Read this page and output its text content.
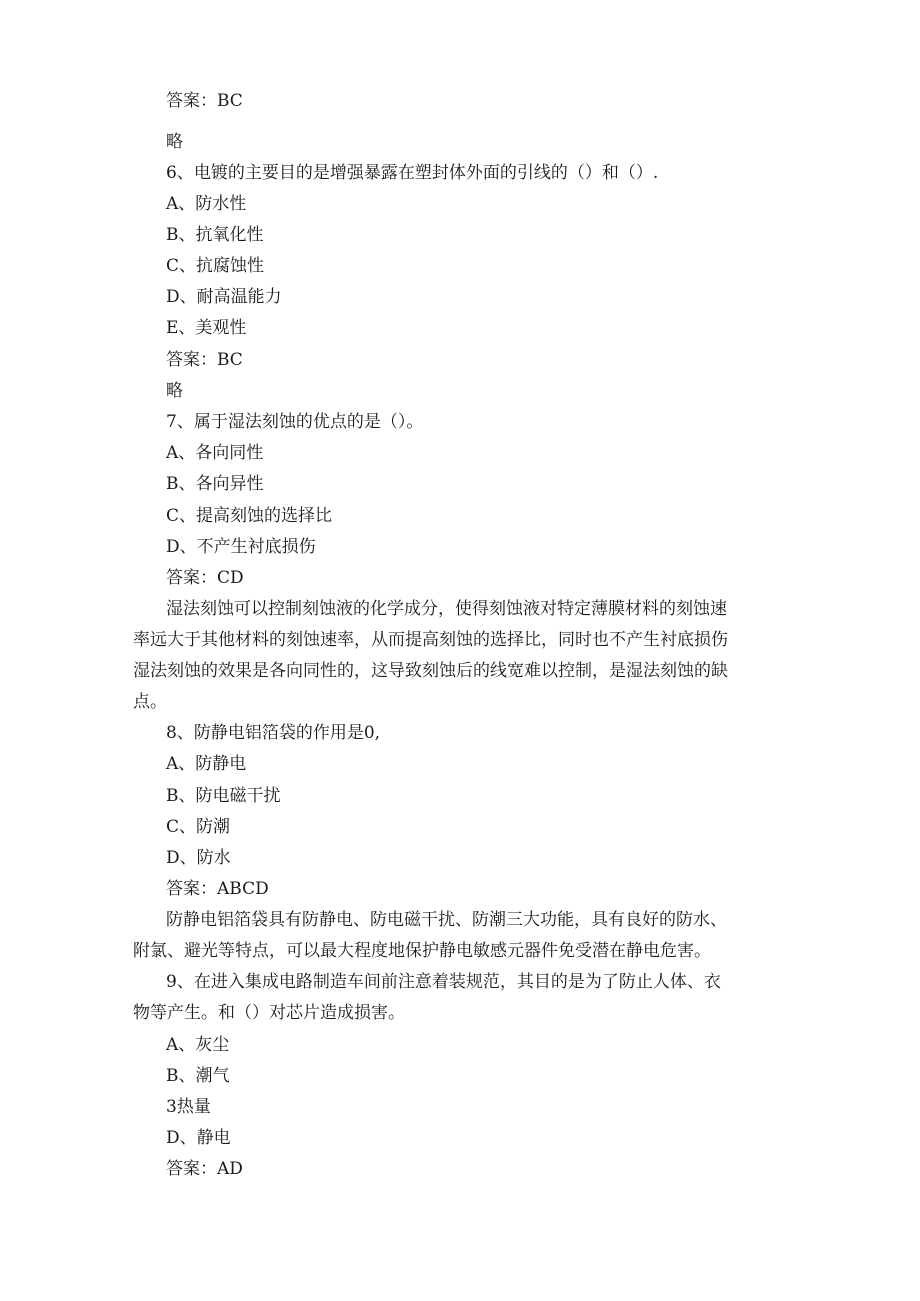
答案：BC
略
6、电镀的主要目的是增强暴露在塑封体外面的引线的（）和（）.
A、防水性
B、抗氧化性
C、抗腐蚀性
D、耐高温能力
E、美观性
答案：BC
略
7、属于湿法刻蚀的优点的是（）。
A、各向同性
B、各向异性
C、提高刻蚀的选择比
D、不产生衬底损伤
答案：CD
湿法刻蚀可以控制刻蚀液的化学成分，使得刻蚀液对特定薄膜材料的刻蚀速
率远大于其他材料的刻蚀速率，从而提高刻蚀的选择比，同时也不产生衬底损伤
湿法刻蚀的效果是各向同性的，这导致刻蚀后的线宽难以控制，是湿法刻蚀的缺
点。
8、防静电铝箔袋的作用是0,
A、防静电
B、防电磁干扰
C、防潮
D、防水
答案：ABCD
防静电铝箔袋具有防静电、防电磁干扰、防潮三大功能，具有良好的防水、
附氯、避光等特点，可以最大程度地保护静电敏感元器件免受潜在静电危害。
9、在进入集成电路制造车间前注意着装规范，其目的是为了防止人体、衣
物等产生。和（）对芯片造成损害。
A、灰尘
B、潮气
3热量
D、静电
答案：AD
